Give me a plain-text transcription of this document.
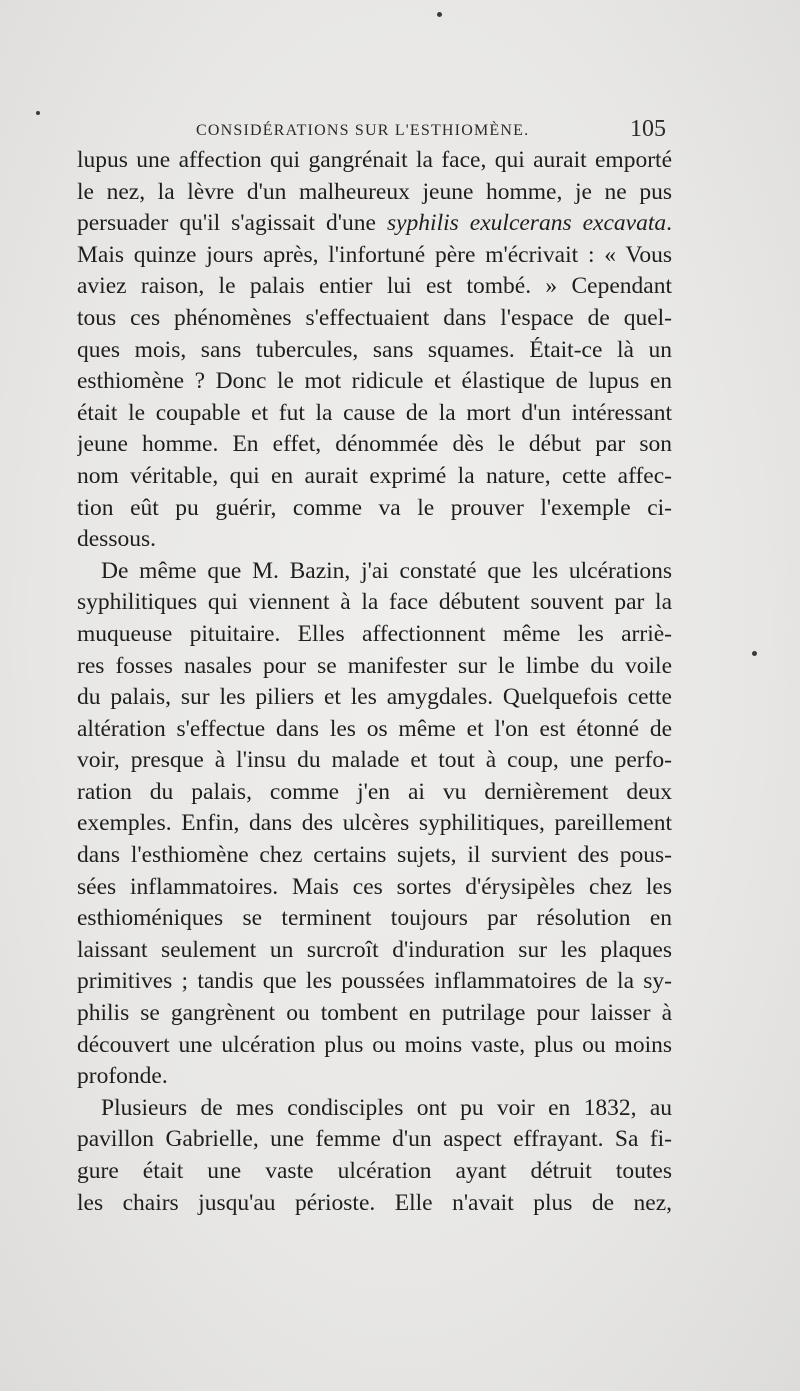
CONSIDÉRATIONS SUR L'ESTHIOMÈNE.	105
lupus une affection qui gangrénait la face, qui aurait emporté
le nez, la lèvre d'un malheureux jeune homme, je ne pus
persuader qu'il s'agissait d'une syphilis exulcerans excavata.
Mais quinze jours après, l'infortuné père m'écrivait : « Vous
aviez raison, le palais entier lui est tombé. » Cependant
tous ces phénomènes s'effectuaient dans l'espace de quel-
ques mois, sans tubercules, sans squames. Était-ce là un
esthiomène ? Donc le mot ridicule et élastique de lupus en
était le coupable et fut la cause de la mort d'un intéressant
jeune homme. En effet, dénommée dès le début par son
nom véritable, qui en aurait exprimé la nature, cette affec-
tion eût pu guérir, comme va le prouver l'exemple ci-
dessous.
De même que M. Bazin, j'ai constaté que les ulcérations
syphilitiques qui viennent à la face débutent souvent par la
muqueuse pituitaire. Elles affectionnent même les arriè-
res fosses nasales pour se manifester sur le limbe du voile
du palais, sur les piliers et les amygdales. Quelquefois cette
altération s'effectue dans les os même et l'on est étonné de
voir, presque à l'insu du malade et tout à coup, une perfo-
ration du palais, comme j'en ai vu dernièrement deux
exemples. Enfin, dans des ulcères syphilitiques, pareillement
dans l'esthiomène chez certains sujets, il survient des pous-
sées inflammatoires. Mais ces sortes d'érysipèles chez les
esthioméniques se terminent toujours par résolution en
laissant seulement un surcroît d'induration sur les plaques
primitives ; tandis que les poussées inflammatoires de la sy-
philis se gangrènent ou tombent en putrilage pour laisser à
découvert une ulcération plus ou moins vaste, plus ou moins
profonde.
Plusieurs de mes condisciples ont pu voir en 1832, au
pavillon Gabrielle, une femme d'un aspect effrayant. Sa fi-
gure était une vaste ulcération ayant détruit toutes
les chairs jusqu'au périoste. Elle n'avait plus de nez,
